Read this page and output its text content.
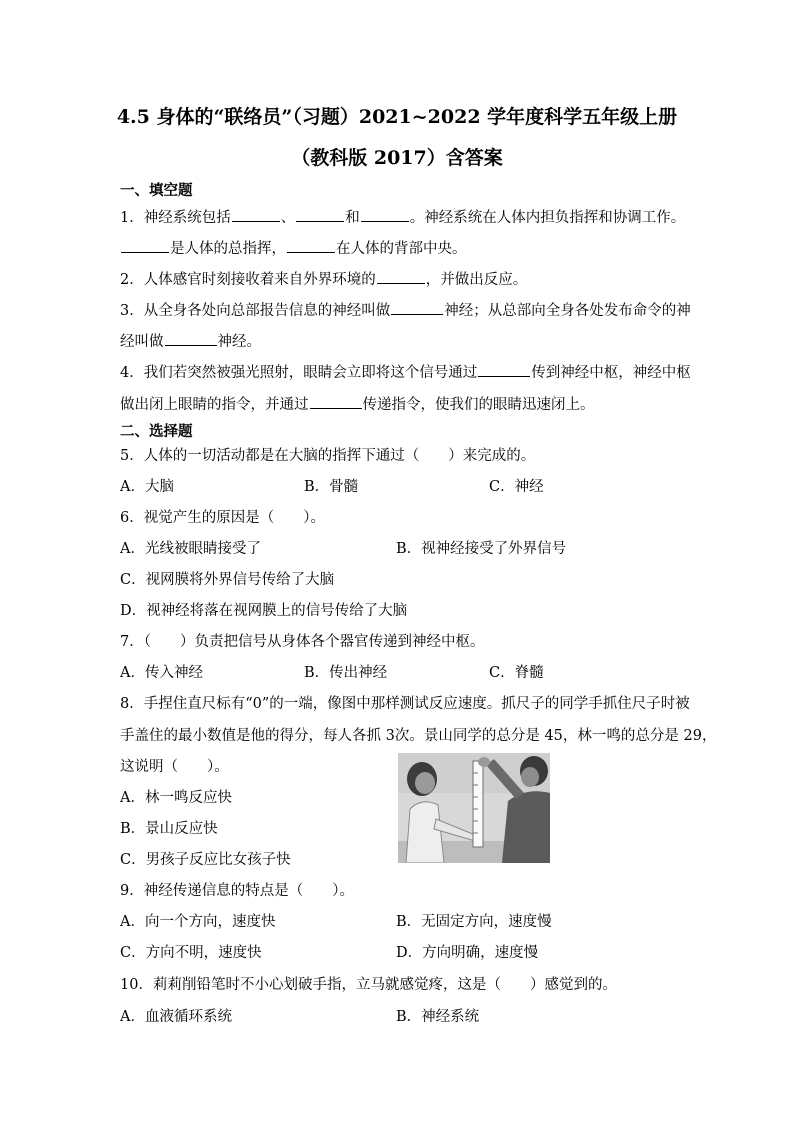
4.5 身体的“联络员”（习题）2021~2022 学年度科学五年级上册
（教科版 2017）含答案
一、填空题
1．神经系统包括	、	和	。神经系统在人体内担负指挥和协调工作。
是人体的总指挥，	在人体的背部中央。
2．人体感官时刻接收着来自外界环境的	，并做出反应。
3．从全身各处向总部报告信息的神经叫做	神经；从总部向全身各处发布命令的神
经叫做	神经。
4．我们若突然被强光照射，眼睛会立即将这个信号通过	传到神经中枢，神经中枢
做出闭上眼睛的指令，并通过	传递指令，使我们的眼睛迅速闭上。
二、选择题
5．人体的一切活动都是在大脑的指挥下通过（　　）来完成的。
A．大脑	B．骨髓	C．神经
6．视觉产生的原因是（　　）。
A．光线被眼睛接受了	B．视神经接受了外界信号
C．视网膜将外界信号传给了大脑
D．视神经将落在视网膜上的信号传给了大脑
7．（　　）负责把信号从身体各个器官传递到神经中枢。
A．传入神经	B．传出神经	C．脊髓
8．手捏住直尺标有“0”的一端，像图中那样测试反应速度。抓尺子的同学手抓住尺子时被
手盖住的最小数值是他的得分，每人各抓 3次。景山同学的总分是 45，林一鸣的总分是 29，
这说明（　　）。
A．林一鸣反应快
B．景山反应快
C．男孩子反应比女孩子快
9．神经传递信息的特点是（　　）。
A．向一个方向，速度快	B．无固定方向，速度慢
C．方向不明，速度快	D．方向明确，速度慢
10．莉莉削铅笔时不小心划破手指，立马就感觉疼，这是（　　）感觉到的。
A．血液循环系统	B．神经系统
